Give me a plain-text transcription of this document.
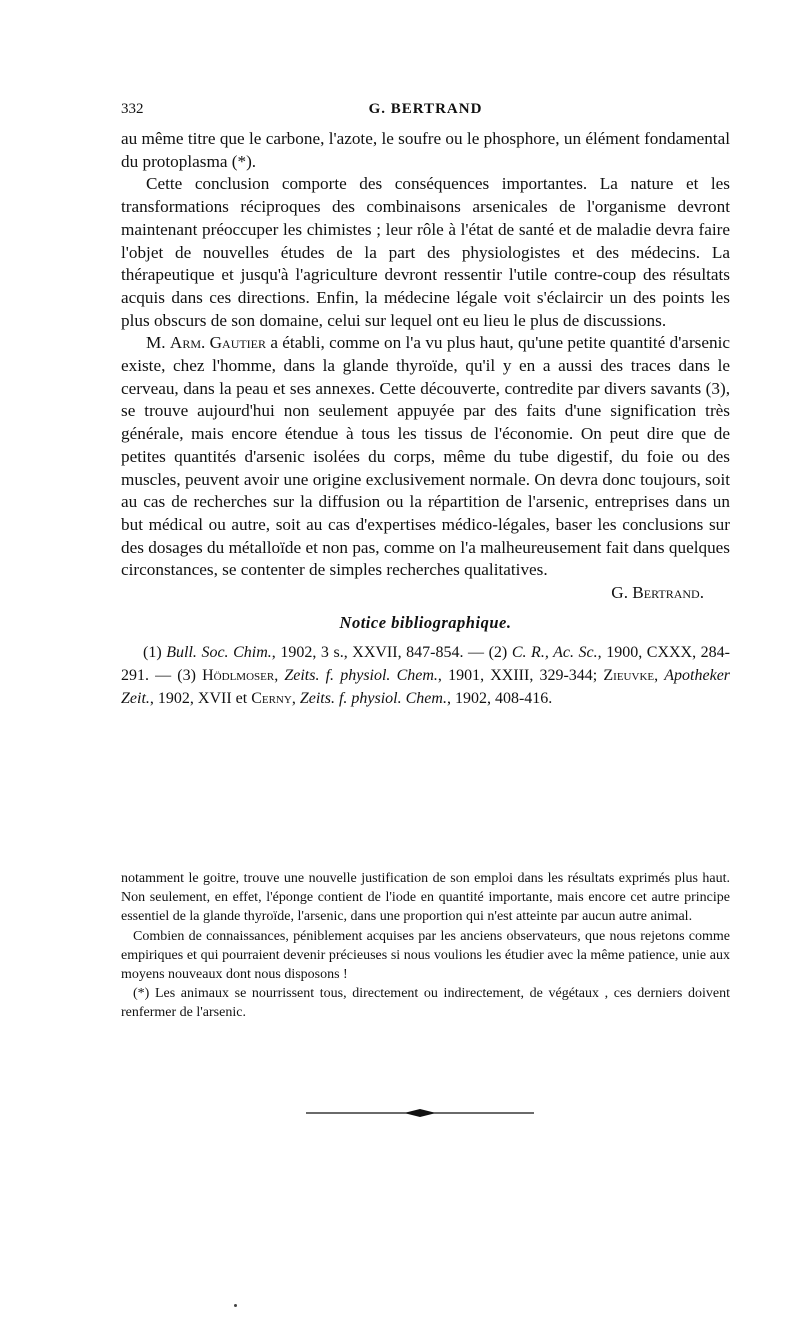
332	G. BERTRAND

au même titre que le carbone, l'azote, le soufre ou le phosphore, un élément fondamental du protoplasma (*).

Cette conclusion comporte des conséquences importantes. La nature et les transformations réciproques des combinaisons arsenicales de l'organisme devront maintenant préoccuper les chimistes ; leur rôle à l'état de santé et de maladie devra faire l'objet de nouvelles études de la part des physiologistes et des médecins. La thérapeutique et jusqu'à l'agriculture devront ressentir l'utile contre-coup des résultats acquis dans ces directions. Enfin, la médecine légale voit s'éclaircir un des points les plus obscurs de son domaine, celui sur lequel ont eu lieu le plus de discussions.

M. Arm. Gautier a établi, comme on l'a vu plus haut, qu'une petite quantité d'arsenic existe, chez l'homme, dans la glande thyroïde, qu'il y en a aussi des traces dans le cerveau, dans la peau et ses annexes. Cette découverte, contredite par divers savants (3), se trouve aujourd'hui non seulement appuyée par des faits d'une signification très générale, mais encore étendue à tous les tissus de l'économie. On peut dire que de petites quantités d'arsenic isolées du corps, même du tube digestif, du foie ou des muscles, peuvent avoir une origine exclusivement normale. On devra donc toujours, soit au cas de recherches sur la diffusion ou la répartition de l'arsenic, entreprises dans un but médical ou autre, soit au cas d'expertises médico-légales, baser les conclusions sur des dosages du métalloïde et non pas, comme on l'a malheureusement fait dans quelques circonstances, se contenter de simples recherches qualitatives.

G. Bertrand.

Notice bibliographique.

(1) Bull. Soc. Chim., 1902, 3 s., XXVII, 847-854. — (2) C. R., Ac. Sc., 1900, CXXX, 284-291. — (3) Hödlmoser, Zeits. f. physiol. Chem., 1901, XXIII, 329-344; Zieuvke, Apotheker Zeit., 1902, XVII et Cerny, Zeits. f. physiol. Chem., 1902, 408-416.

notamment le goitre, trouve une nouvelle justification de son emploi dans les résultats exprimés plus haut. Non seulement, en effet, l'éponge contient de l'iode en quantité importante, mais encore cet autre principe essentiel de la glande thyroïde, l'arsenic, dans une proportion qui n'est atteinte par aucun autre animal.

Combien de connaissances, péniblement acquises par les anciens observateurs, que nous rejetons comme empiriques et qui pourraient devenir précieuses si nous voulions les étudier avec la même patience, unie aux moyens nouveaux dont nous disposons !

(*) Les animaux se nourrissent tous, directement ou indirectement, de végétaux , ces derniers doivent renfermer de l'arsenic.
